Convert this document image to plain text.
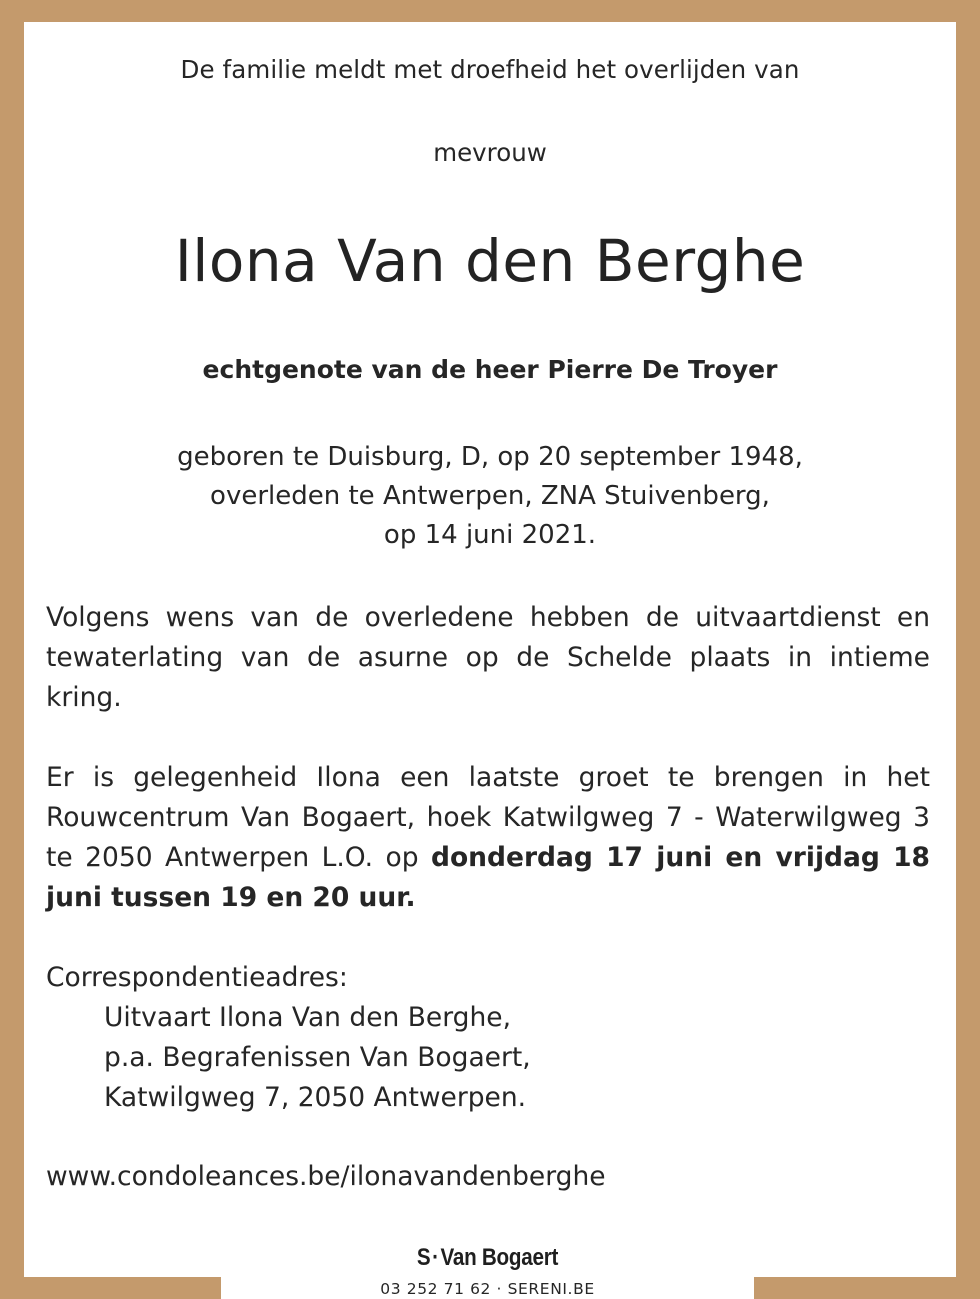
De familie meldt met droefheid het overlijden van
mevrouw
Ilona Van den Berghe
echtgenote van de heer Pierre De Troyer
geboren te Duisburg, D, op 20 september 1948,
overleden te Antwerpen, ZNA Stuivenberg,
op 14 juni 2021.
Volgens wens van de overledene hebben de uitvaartdienst en tewaterlating van de asurne op de Schelde plaats in intieme kring.
Er is gelegenheid Ilona een laatste groet te brengen in het Rouwcentrum Van Bogaert, hoek Katwilgweg 7 - Waterwilgweg 3 te 2050 Antwerpen L.O. op donderdag 17 juni en vrijdag 18 juni tussen 19 en 20 uur.
Correspondentieadres:
Uitvaart Ilona Van den Berghe,
p.a. Begrafenissen Van Bogaert,
Katwilgweg 7, 2050 Antwerpen.
www.condoleances.be/ilonavandenberghe
S·Van Bogaert
03 252 71 62 · SERENI.BE
